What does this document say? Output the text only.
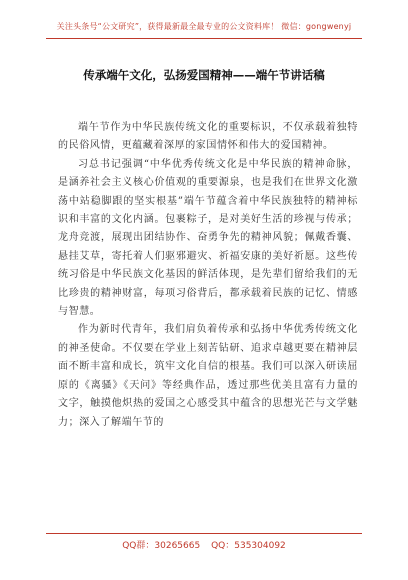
关注头条号“公文研究”，获得最新最全最专业的公文资料库！ 微信：gongwenyj
传承端午文化，弘扬爱国精神——端午节讲话稿

端午节作为中华民族传统文化的重要标识，不仅承载着独特的民俗风情，更蕴藏着深厚的家国情怀和伟大的爱国精神。

习总书记强调“中华优秀传统文化是中华民族的精神命脉，是涵养社会主义核心价值观的重要源泉，也是我们在世界文化激荡中站稳脚跟的坚实根基”端午节蕴含着中华民族独特的精神标识和丰富的文化内涵。包裹粽子，是对美好生活的珍视与传承；龙舟竞渡，展现出团结协作、奋勇争先的精神风貌；佩戴香囊、悬挂艾草，寄托着人们驱邪避灾、祈福安康的美好祈愿。这些传统习俗是中华民族文化基因的鲜活体现，是先辈们留给我们的无比珍贵的精神财富，每项习俗背后，都承载着民族的记忆、情感与智慧。

作为新时代青年，我们肩负着传承和弘扬中华优秀传统文化的神圣使命。不仅要在学业上刻苦钻研、追求卓越更要在精神层面不断丰富和成长，筑牢文化自信的根基。我们可以深入研读屈原的《离骚》《天问》等经典作品，透过那些优美且富有力量的文字，触摸他炽热的爱国之心感受其中蕴含的思想光芒与文学魅力；深入了解端午节的

QQ群：30265665 QQ：535304092
